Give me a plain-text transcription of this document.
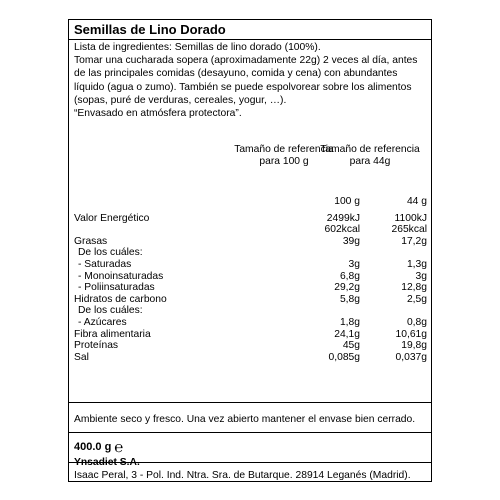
Semillas de Lino Dorado

Lista de ingredientes: Semillas de lino dorado (100%).

Tomar una cucharada sopera (aproximadamente 22g) 2 veces al día, antes de las principales comidas (desayuno, comida y cena) con abundantes líquido (agua o zumo). También se puede espolvorear sobre los alimentos (sopas, puré de verduras, cereales, yogur, …).

“Envasado en atmósfera protectora”.

Tamaño de referencia para 100 g
Tamaño de referencia para 44g
100 g	44 g
Valor Energético	2499kJ	1100kJ
602kcal	265kcal
Grasas	39g	17,2g
De los cuáles:
- Saturadas	3g	1,3g
- Monoinsaturadas	6,8g	3g
- Poliinsaturadas	29,2g	12,8g
Hidratos de carbono	5,8g	2,5g
De los cuáles:
- Azúcares	1,8g	0,8g
Fibra alimentaria	24,1g	10,61g
Proteínas	45g	19,8g
Sal	0,085g	0,037g
Ambiente seco y fresco. Una vez abierto mantener el envase bien cerrado.
400.0 g ℮
Ynsadiet S.A.
Isaac Peral, 3 - Pol. Ind. Ntra. Sra. de Butarque. 28914 Leganés (Madrid).
